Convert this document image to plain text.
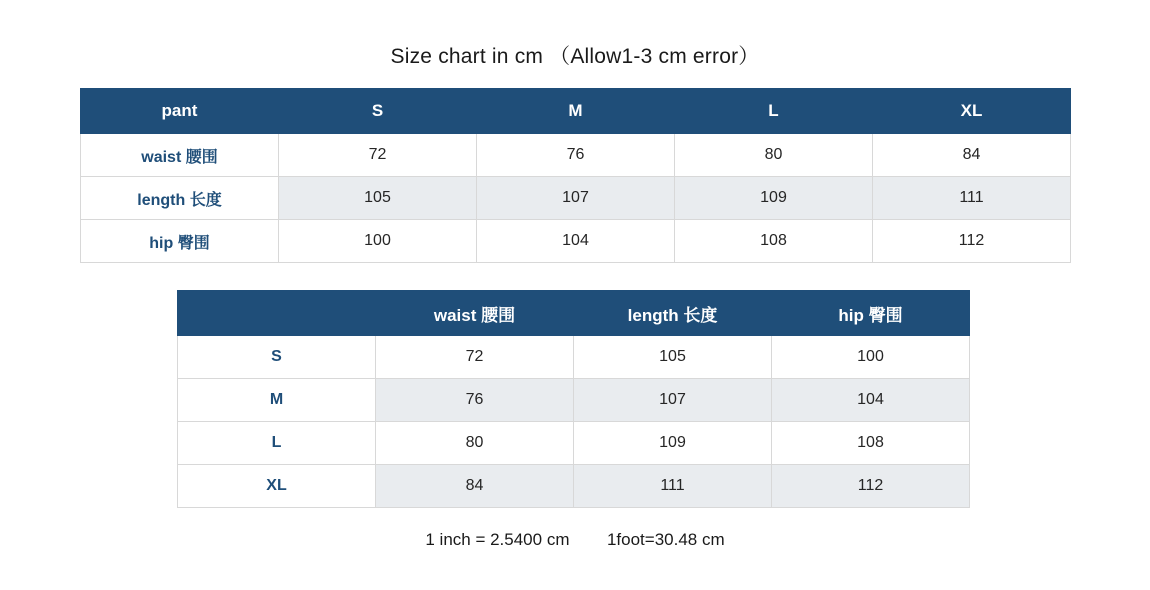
Size chart in cm （Allow1-3 cm error）
pant	S	M	L	XL
waist 腰围	72	76	80	84
length 长度	105	107	109	111
hip 臀围	100	104	108	112
	waist 腰围	length 长度	hip 臀围
S	72	105	100
M	76	107	104
L	80	109	108
XL	84	111	112
1 inch = 2.5400 cm 1foot=30.48 cm
